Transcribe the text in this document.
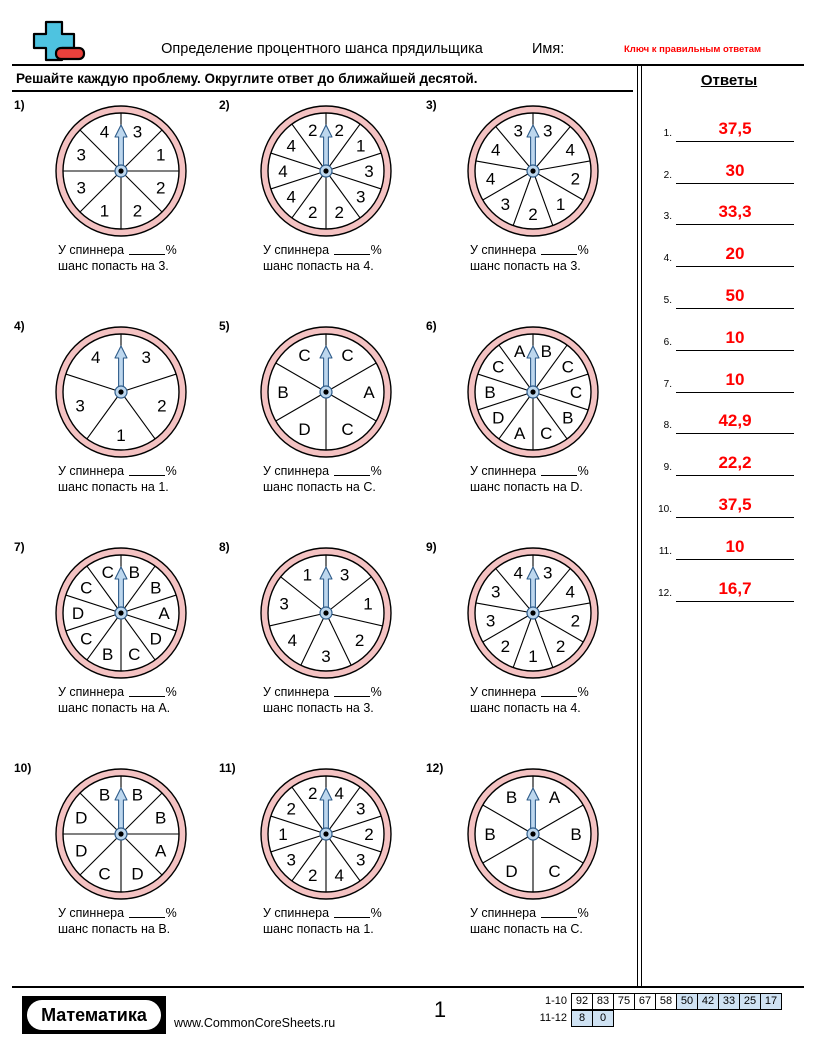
Определение процентного шанса прядильщика	Имя:	Ключ к правильным ответам
Решайте каждую проблему. Округлите ответ до ближайшей десятой.	Ответы
1.	37,5
2.	30
3.	33,3
4.	20
5.	50
6.	10
7.	10
8.	42,9
9.	22,2
10.	37,5
11.	10
12.	16,7
1)
3
1
2
2
1
3
3
4
У спиннера	%
шанс попасть на 3.
2)
2
1
3
3
2
2
4
4
4
2
У спиннера	%
шанс попасть на 4.
3)
3
4
2
1
2
3
4
4
3
У спиннера	%
шанс попасть на 3.
4)
3
2
1
3
4
У спиннера	%
шанс попасть на 1.
5)
C
A
C
D
B
C
У спиннера	%
шанс попасть на C.
6)
B
C
C
B
C
A
D
B
C
A
У спиннера	%
шанс попасть на D.
7)
B
B
A
D
C
B
C
D
C
C
У спиннера	%
шанс попасть на A.
8)
3
1
2
3
4
3
1
У спиннера	%
шанс попасть на 3.
9)
3
4
2
2
1
2
3
3
4
У спиннера	%
шанс попасть на 4.
10)
B
B
A
D
C
D
D
B
У спиннера	%
шанс попасть на B.
11)
4
3
2
3
4
2
3
1
2
2
У спиннера	%
шанс попасть на 1.
12)
A
B
C
D
B
B
У спиннера	%
шанс попасть на C.
Математика	www.CommonCoreSheets.ru
1	1-10 92 83 75 67 58 50 42 33 25 17
11-12	8	0
